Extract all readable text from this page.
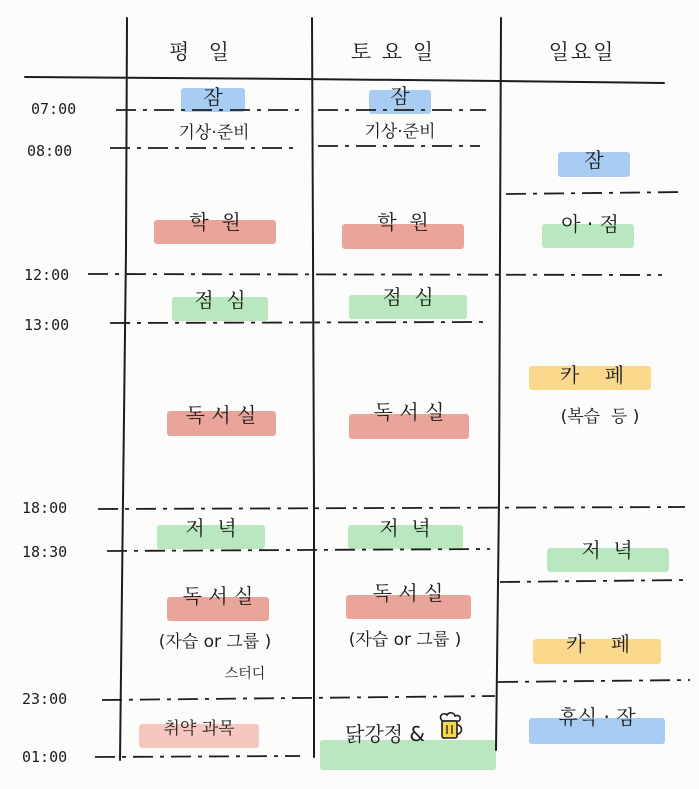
평  일	토 요 일	일요일
07:00
08:00
12:00
13:00
18:00
18:30
23:00
01:00
잠
기상·준비
학  원
점  심
독 서 실
저  녁
독 서 실
(자습 or 그룹 )
스터디
취약 과목
잠
기상·준비
학  원
점  심
독 서 실
저  녁
독 서 실
(자습 or 그룹 )
닭강정 &
잠
아 · 점
카    페
(복습  등 )
저  녁
카    페
휴식 · 잠
